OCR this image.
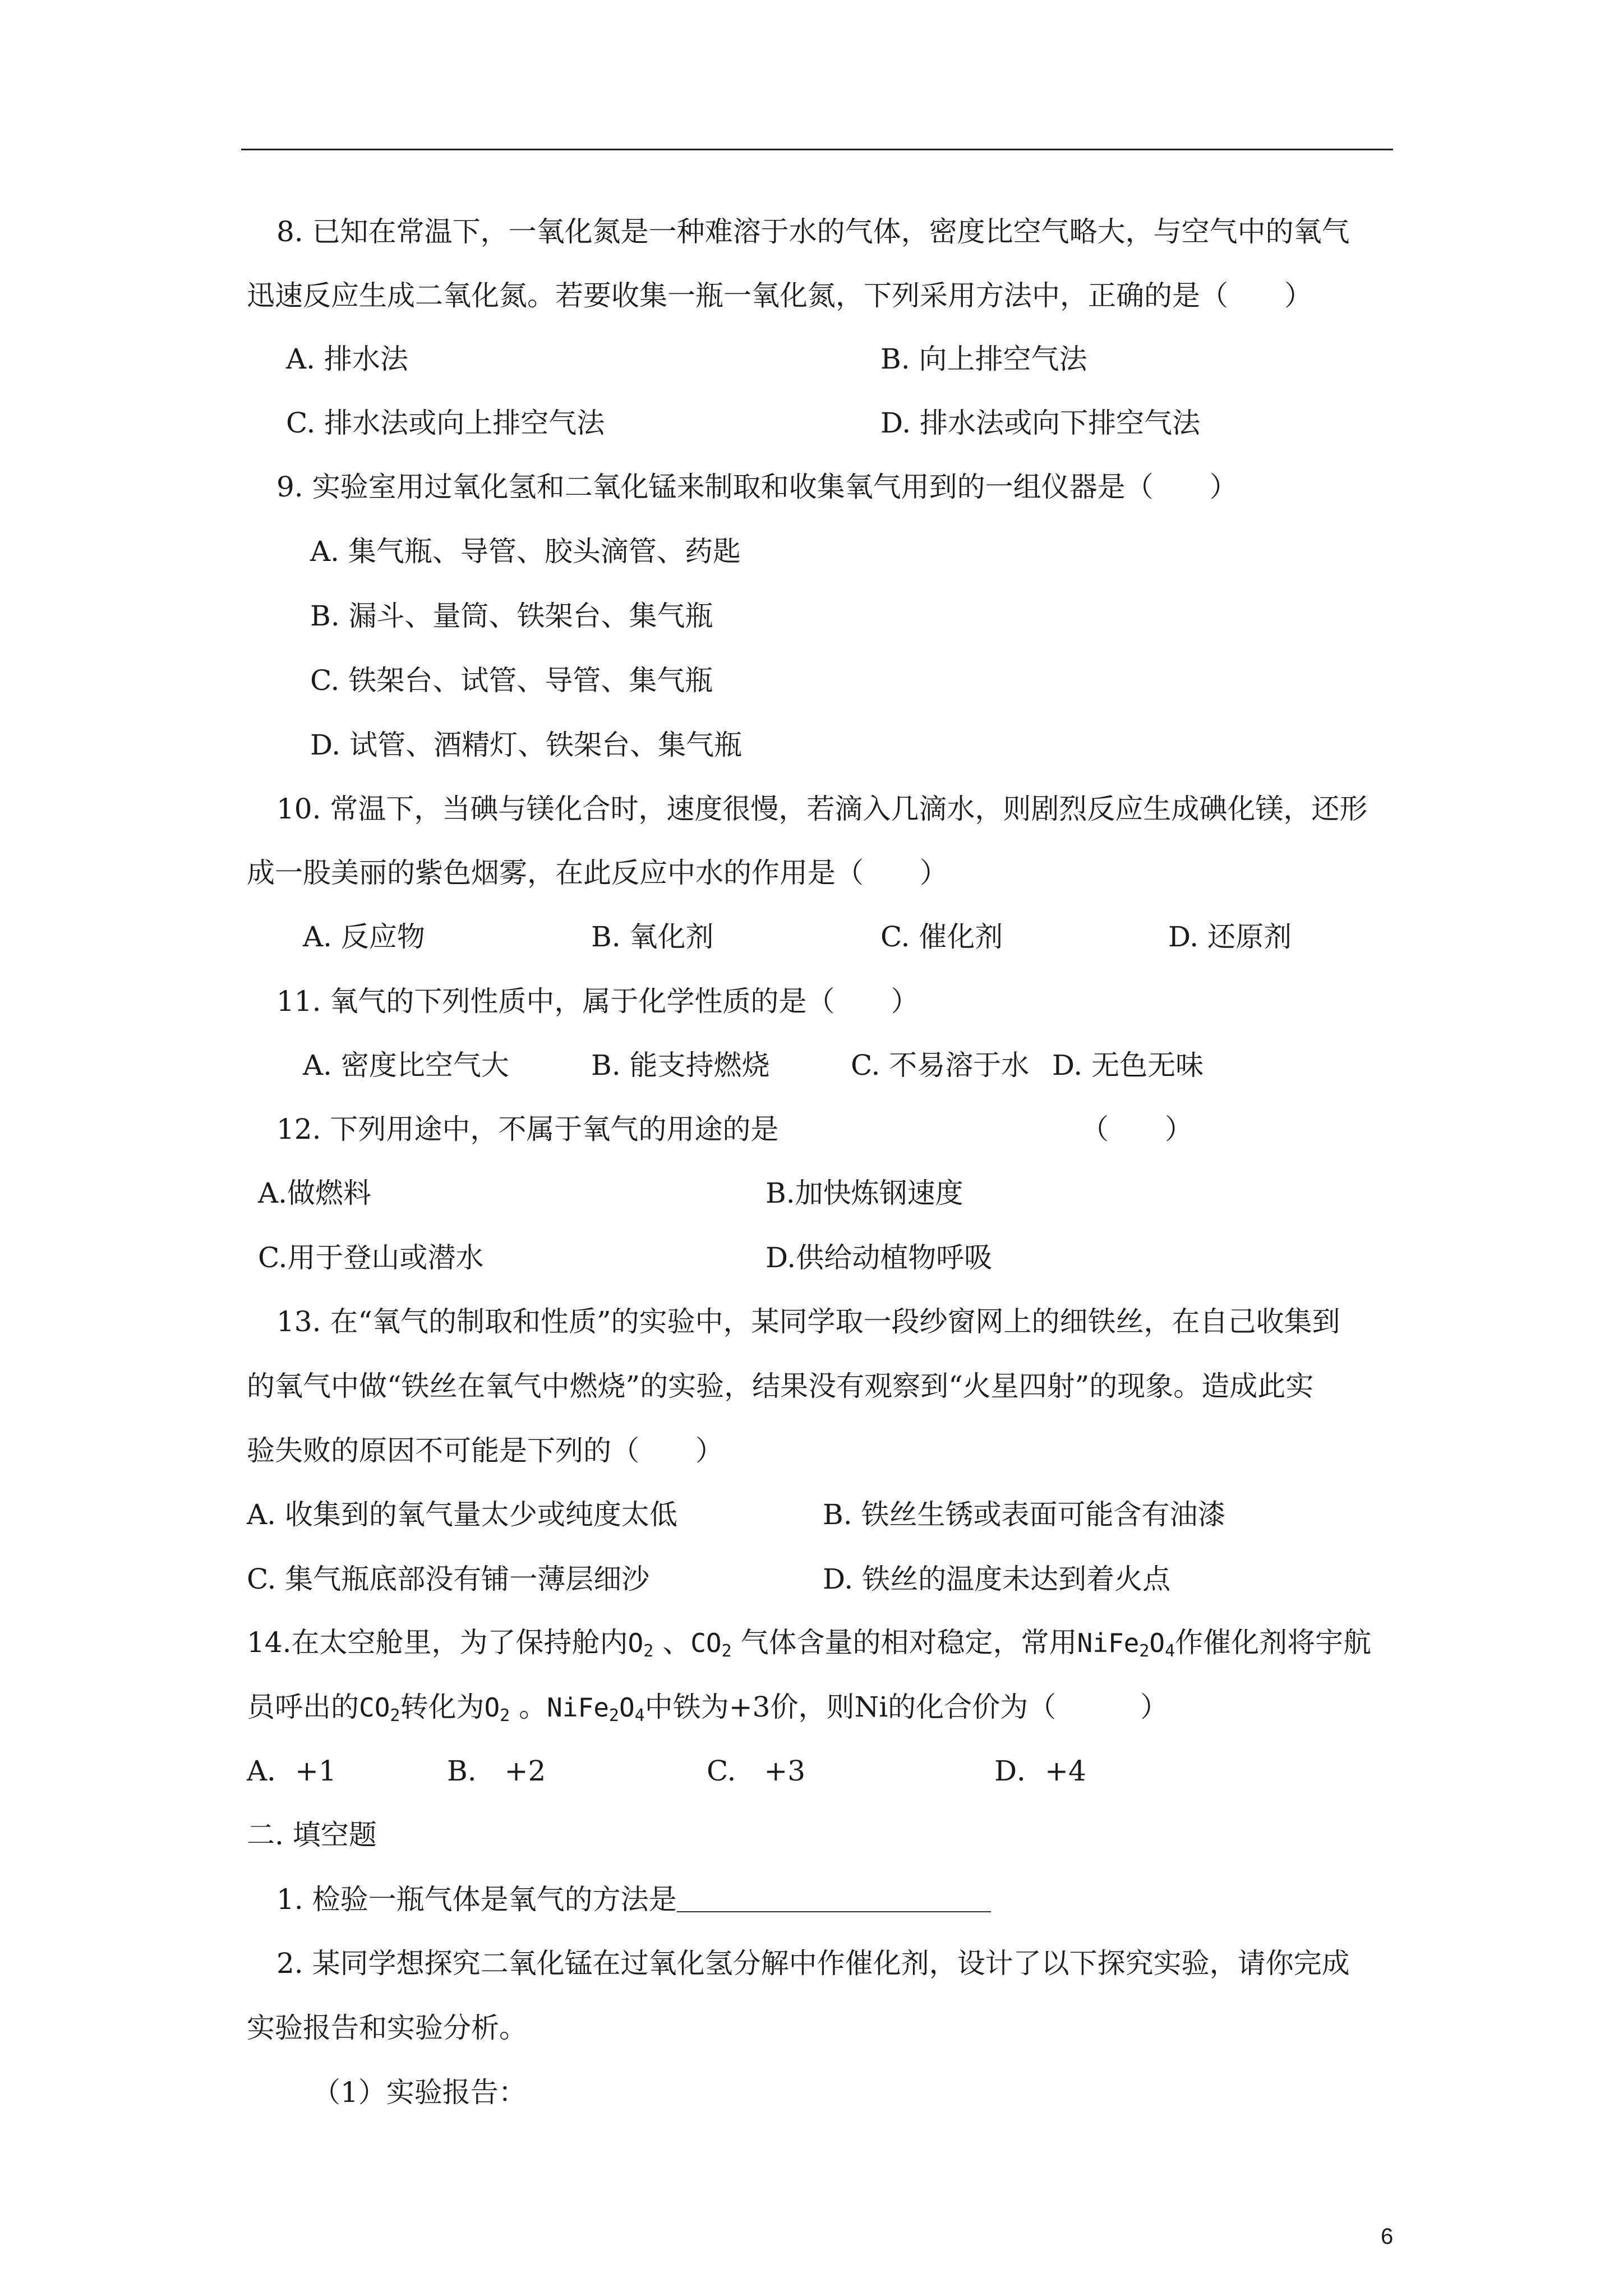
8. 已知在常温下，一氧化氮是一种难溶于水的气体，密度比空气略大，与空气中的氧气
迅速反应生成二氧化氮。若要收集一瓶一氧化氮，下列采用方法中，正确的是（　　）
A. 排水法	B. 向上排空气法
C. 排水法或向上排空气法	D. 排水法或向下排空气法
9. 实验室用过氧化氢和二氧化锰来制取和收集氧气用到的一组仪器是（　　）
A. 集气瓶、导管、胶头滴管、药匙
B. 漏斗、量筒、铁架台、集气瓶
C. 铁架台、试管、导管、集气瓶
D. 试管、酒精灯、铁架台、集气瓶
10. 常温下，当碘与镁化合时，速度很慢，若滴入几滴水，则剧烈反应生成碘化镁，还形
成一股美丽的紫色烟雾，在此反应中水的作用是（　　）
A. 反应物	B. 氧化剂	C. 催化剂	D. 还原剂
11. 氧气的下列性质中，属于化学性质的是（　　）
A. 密度比空气大	B. 能支持燃烧	C. 不易溶于水 D. 无色无味
12. 下列用途中，不属于氧气的用途的是	（　　）
A.做燃料	B.加快炼钢速度
C.用于登山或潜水	D.供给动植物呼吸
13. 在“氧气的制取和性质”的实验中，某同学取一段纱窗网上的细铁丝，在自己收集到
的氧气中做“铁丝在氧气中燃烧”的实验，结果没有观察到“火星四射”的现象。造成此实
验失败的原因不可能是下列的（　　）
A. 收集到的氧气量太少或纯度太低	B. 铁丝生锈或表面可能含有油漆
C. 集气瓶底部没有铺一薄层细沙	D. 铁丝的温度未达到着火点
14.在太空舱里，为了保持舱内$O_2$ 、$CO_2$ 气体含量的相对稳定，常用$NiFe_2O_4$作催化剂将宇航
员呼出的$CO_2$转化为$O_2$ 。$NiFe_2O_4$中铁为+3价，则Ni的化合价为（　　　）
A．+1	B.　+2	C.　+3	D．+4
二. 填空题
1. 检验一瓶气体是氧气的方法是
2. 某同学想探究二氧化锰在过氧化氢分解中作催化剂，设计了以下探究实验，请你完成
实验报告和实验分析。
（1）实验报告：
6
